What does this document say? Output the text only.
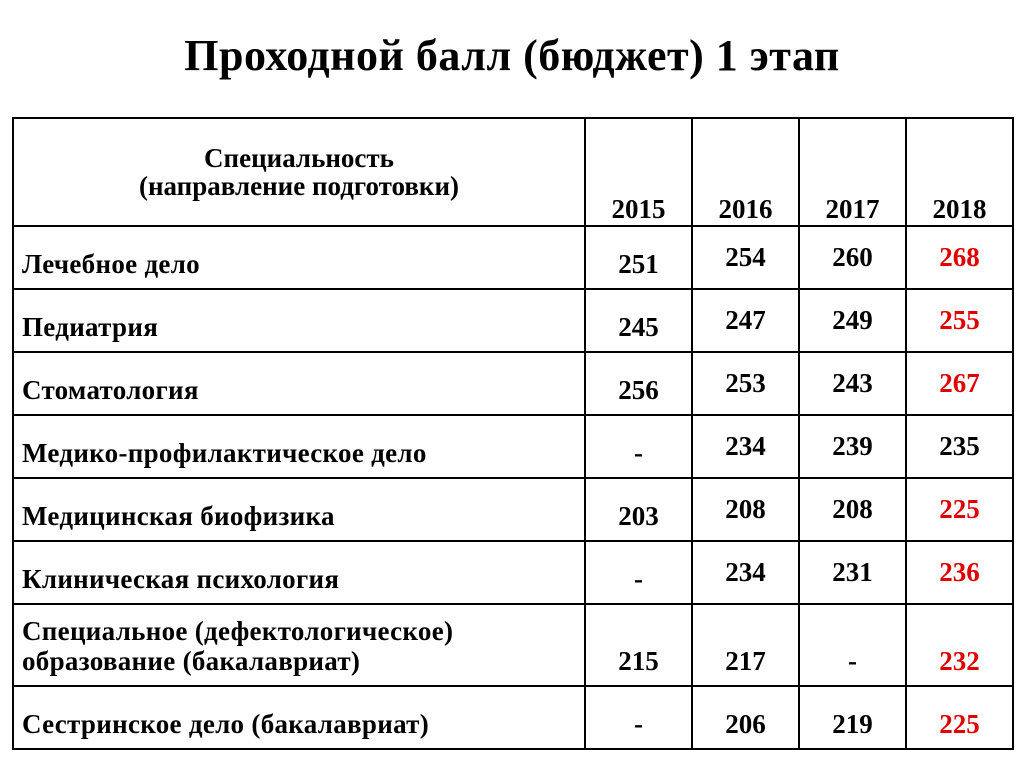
Проходной балл (бюджет) 1 этап
Специальность
(направление подготовки)	2015	2016	2017	2018
Лечебное дело	251	254	260	268
Педиатрия	245	247	249	255
Стоматология	256	253	243	267
Медико-профилактическое дело	-	234	239	235
Медицинская биофизика	203	208	208	225
Клиническая психология	-	234	231	236

Специальное (дефектологическое)
образование (бакалавриат)	215	217	-	232
Сестринское дело (бакалавриат)	-	206	219	225
